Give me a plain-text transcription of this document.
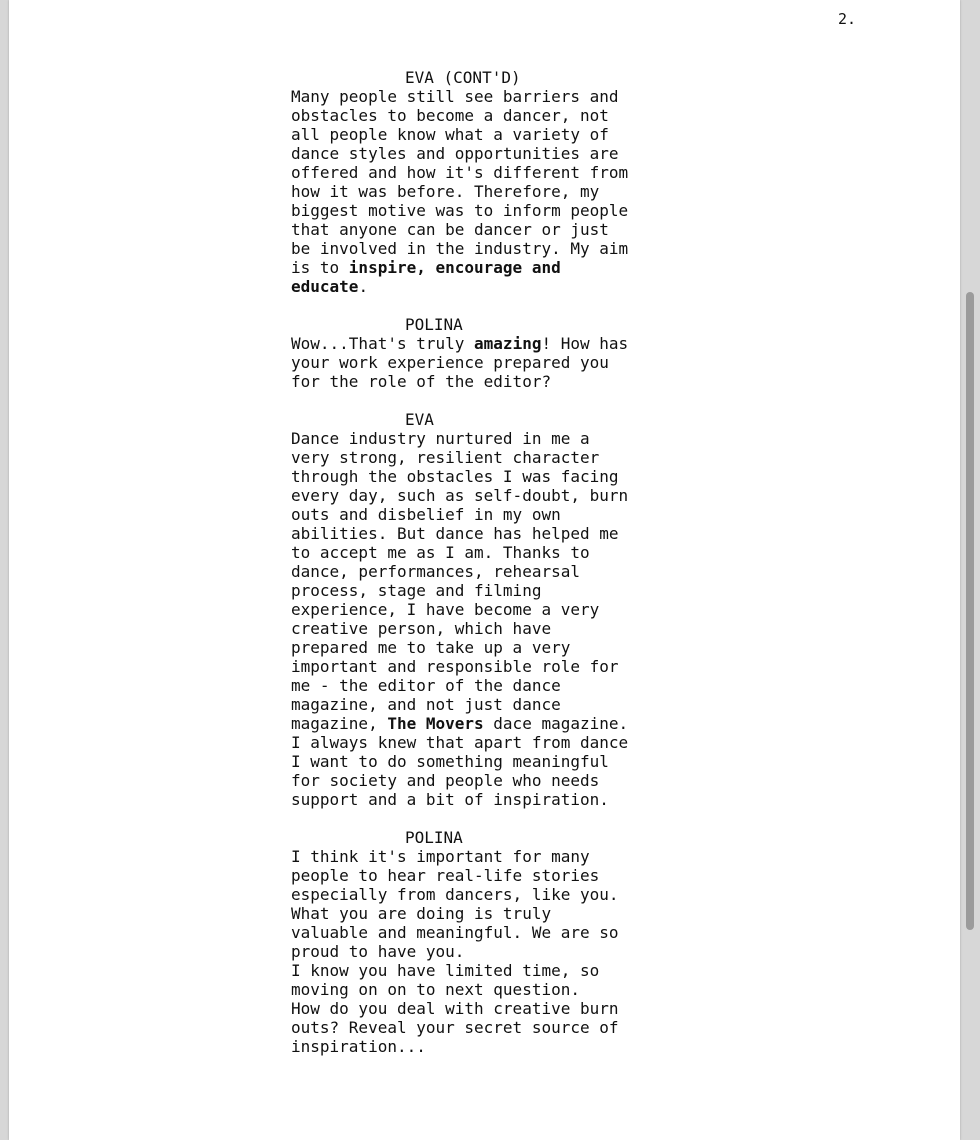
2.
EVA (CONT'D)
Many people still see barriers and
obstacles to become a dancer, not
all people know what a variety of
dance styles and opportunities are
offered and how it's different from
how it was before. Therefore, my
biggest motive was to inform people
that anyone can be dancer or just
be involved in the industry. My aim
is to inspire, encourage and
educate.
POLINA
Wow...That's truly amazing! How has
your work experience prepared you
for the role of the editor?
EVA
Dance industry nurtured in me a
very strong, resilient character
through the obstacles I was facing
every day, such as self-doubt, burn
outs and disbelief in my own
abilities. But dance has helped me
to accept me as I am. Thanks to
dance, performances, rehearsal
process, stage and filming
experience, I have become a very
creative person, which have
prepared me to take up a very
important and responsible role for
me - the editor of the dance
magazine, and not just dance
magazine, The Movers dace magazine.
I always knew that apart from dance
I want to do something meaningful
for society and people who needs
support and a bit of inspiration.
POLINA
I think it's important for many
people to hear real-life stories
especially from dancers, like you.
What you are doing is truly
valuable and meaningful. We are so
proud to have you.
I know you have limited time, so
moving on on to next question.
How do you deal with creative burn
outs? Reveal your secret source of
inspiration...
